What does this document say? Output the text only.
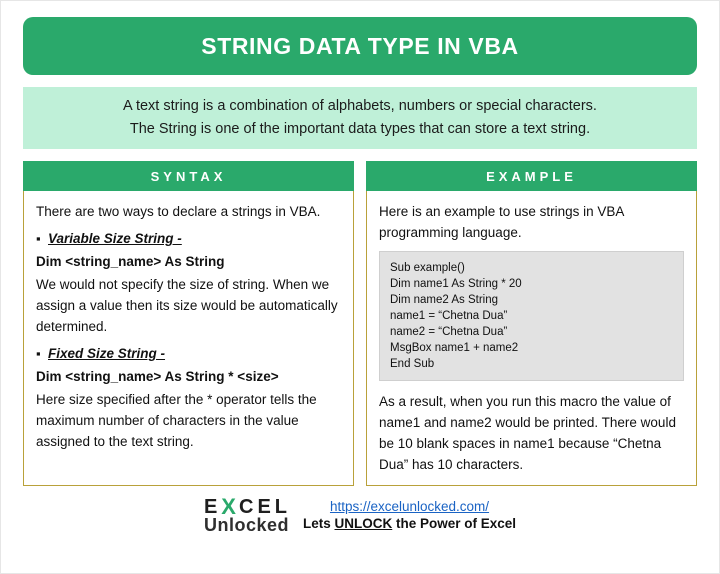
STRING DATA TYPE IN VBA
A text string is a combination of alphabets, numbers or special characters.
The String is one of the important data types that can store a text string.
SYNTAX

There are two ways to declare a strings in VBA.

▪ Variable Size String -
Dim <string_name> As String

We would not specify the size of string. When we assign a value then its size would be automatically determined.

▪ Fixed Size String -
Dim <string_name> As String * <size>

Here size specified after the * operator tells the maximum number of characters in the value assigned to the text string.

EXAMPLE

Here is an example to use strings in VBA programming language.

Sub example()
Dim name1 As String * 20
Dim name2 As String
name1 = “Chetna Dua”
name2 = “Chetna Dua”
MsgBox name1 + name2
End Sub

As a result, when you run this macro the value of name1 and name2 would be printed. There would be 10 blank spaces in name1 because “Chetna Dua” has 10 characters.

E X C E L
Unlocked
https://excelunlocked.com/
Lets UNLOCK the Power of Excel
